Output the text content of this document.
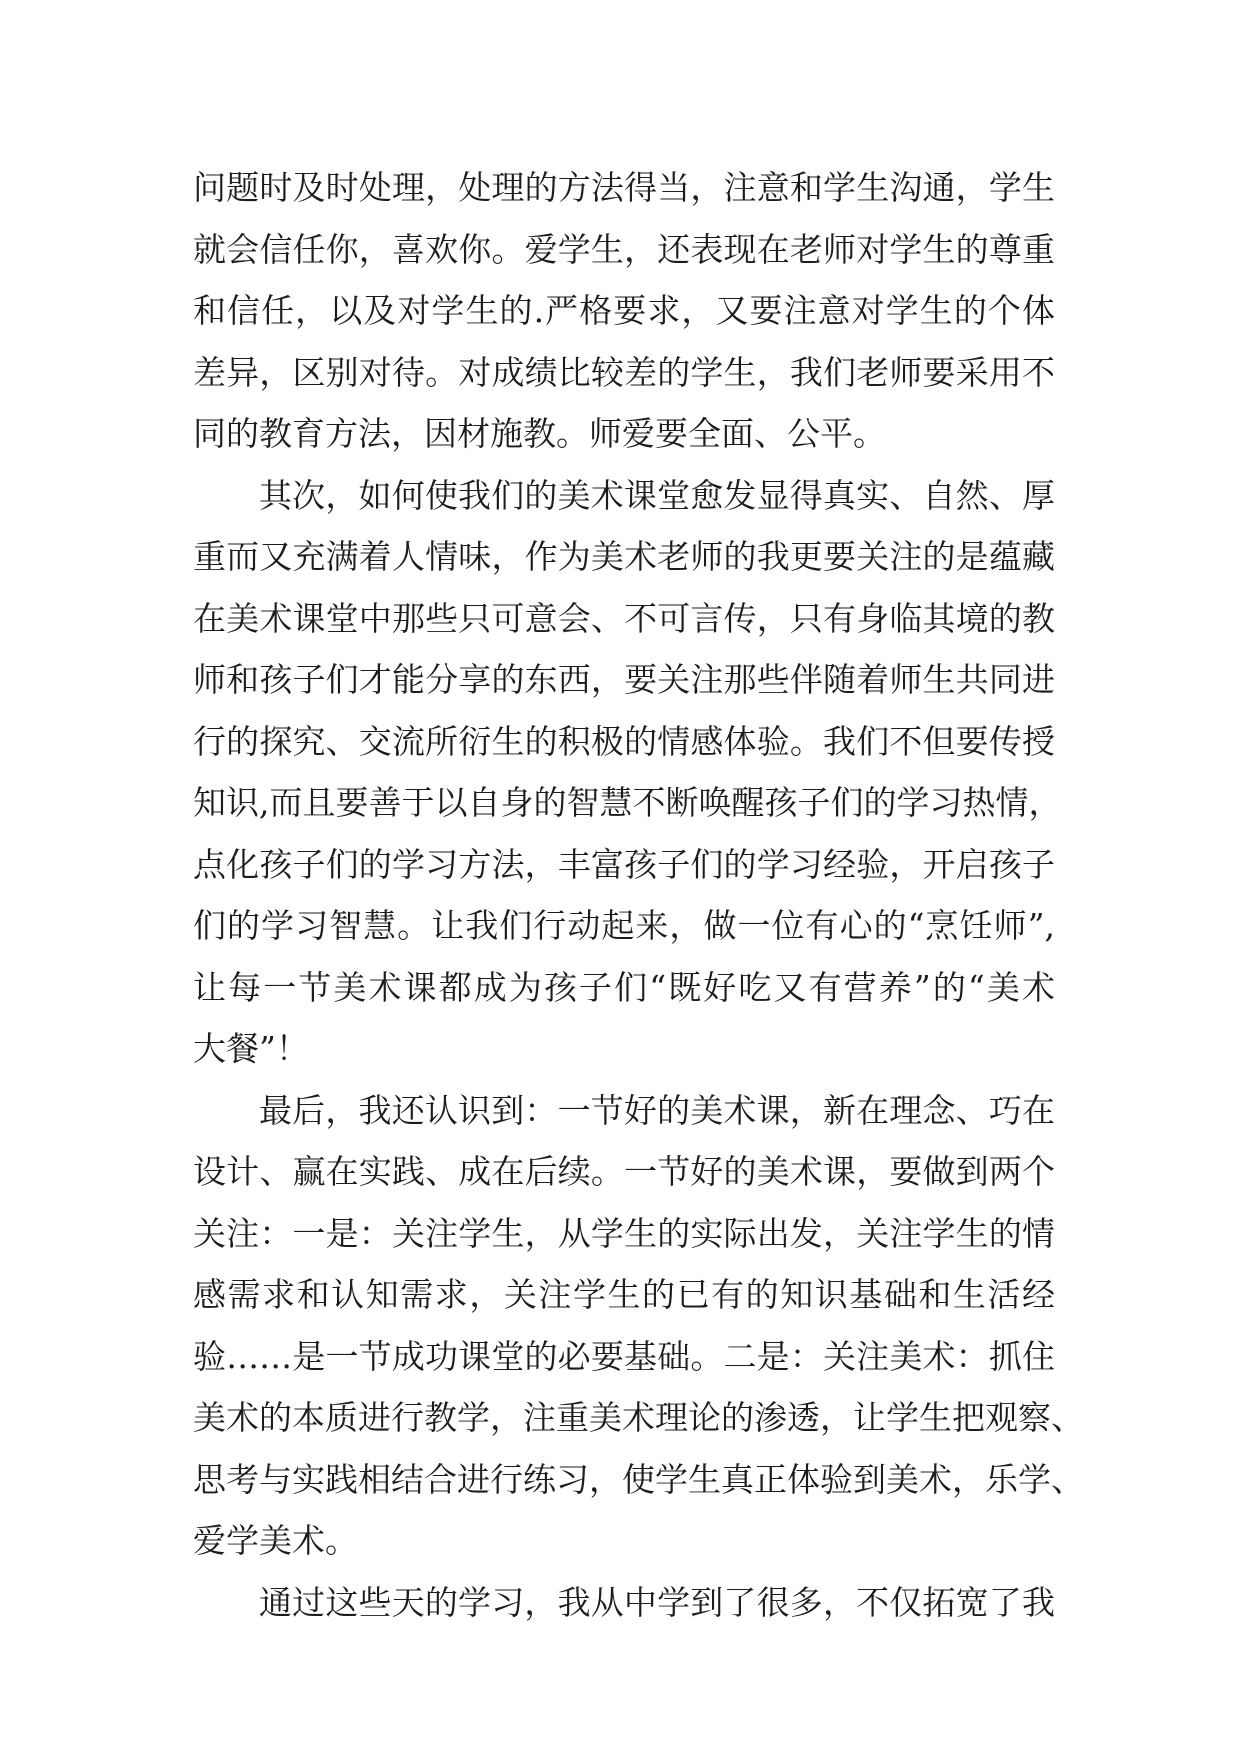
问题时及时处理，处理的方法得当，注意和学生沟通，学生
就会信任你，喜欢你。爱学生，还表现在老师对学生的尊重
和信任，以及对学生的.严格要求，又要注意对学生的个体
差异，区别对待。对成绩比较差的学生，我们老师要采用不
同的教育方法，因材施教。师爱要全面、公平。
其次，如何使我们的美术课堂愈发显得真实、自然、厚
重而又充满着人情味，作为美术老师的我更要关注的是蕴藏
在美术课堂中那些只可意会、不可言传，只有身临其境的教
师和孩子们才能分享的东西，要关注那些伴随着师生共同进
行的探究、交流所衍生的积极的情感体验。我们不但要传授
知识,而且要善于以自身的智慧不断唤醒孩子们的学习热情，
点化孩子们的学习方法，丰富孩子们的学习经验，开启孩子
们的学习智慧。让我们行动起来，做一位有心的“烹饪师”,
让每一节美术课都成为孩子们“既好吃又有营养”的“美术
大餐”！
最后，我还认识到：一节好的美术课，新在理念、巧在
设计、赢在实践、成在后续。一节好的美术课，要做到两个
关注：一是：关注学生，从学生的实际出发，关注学生的情
感需求和认知需求，关注学生的已有的知识基础和生活经
验……是一节成功课堂的必要基础。二是：关注美术：抓住
美术的本质进行教学，注重美术理论的渗透，让学生把观察、
思考与实践相结合进行练习，使学生真正体验到美术，乐学、
爱学美术。
通过这些天的学习，我从中学到了很多，不仅拓宽了我
